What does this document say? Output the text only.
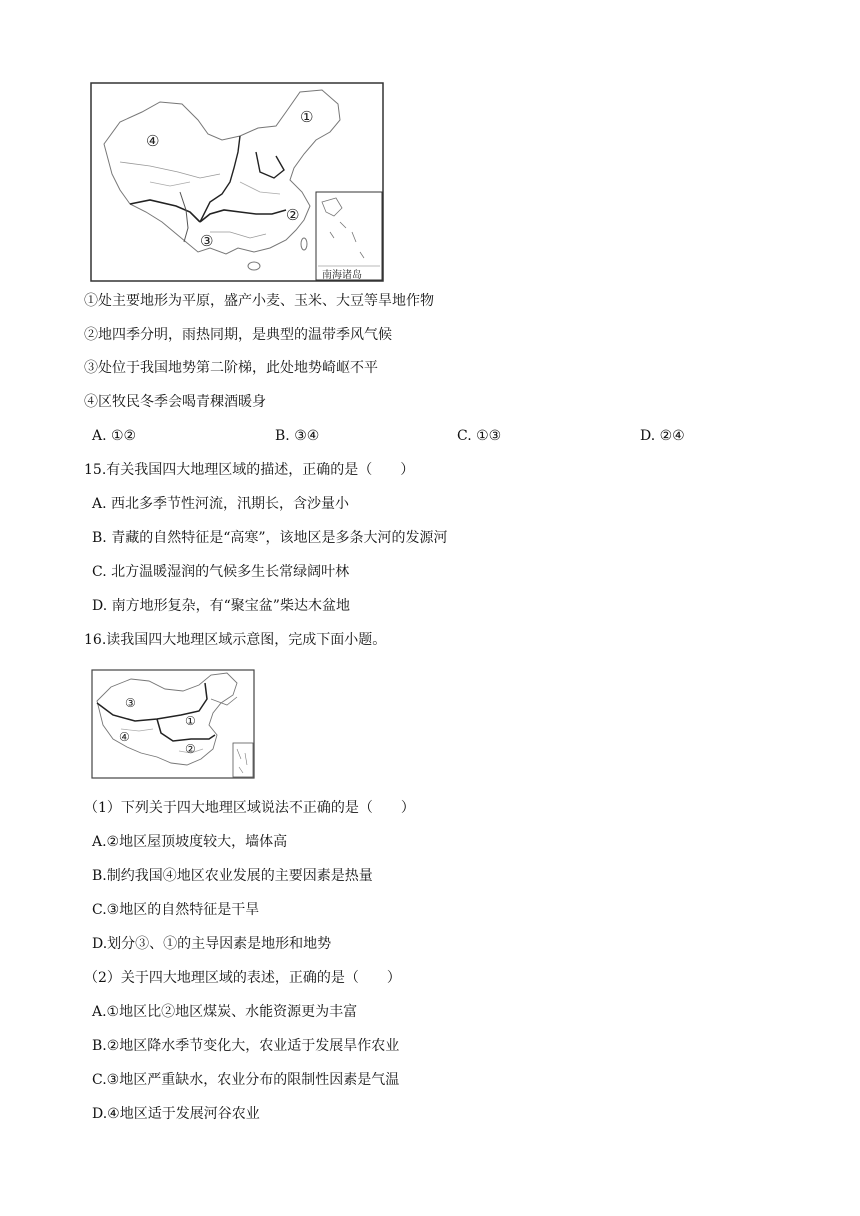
南海诸岛
①
②
③
④
①处主要地形为平原，盛产小麦、玉米、大豆等旱地作物
②地四季分明，雨热同期，是典型的温带季风气候
③处位于我国地势第二阶梯，此处地势崎岖不平
④区牧民冬季会喝青稞酒暖身
A. ①②	B. ③④	C. ①③	D. ②④
15.有关我国四大地理区域的描述，正确的是（　　）
A. 西北多季节性河流，汛期长，含沙量小
B. 青藏的自然特征是“高寒”，该地区是多条大河的发源河
C. 北方温暖湿润的气候多生长常绿阔叶林
D. 南方地形复杂，有“聚宝盆”柴达木盆地
16.读我国四大地理区域示意图，完成下面小题。
③
①
④
②
（1）下列关于四大地理区域说法不正确的是（　　）
A.②地区屋顶坡度较大，墙体高
B.制约我国④地区农业发展的主要因素是热量
C.③地区的自然特征是干旱
D.划分③、①的主导因素是地形和地势
（2）关于四大地理区域的表述，正确的是（　　）
A.①地区比②地区煤炭、水能资源更为丰富
B.②地区降水季节变化大，农业适于发展旱作农业
C.③地区严重缺水，农业分布的限制性因素是气温
D.④地区适于发展河谷农业
